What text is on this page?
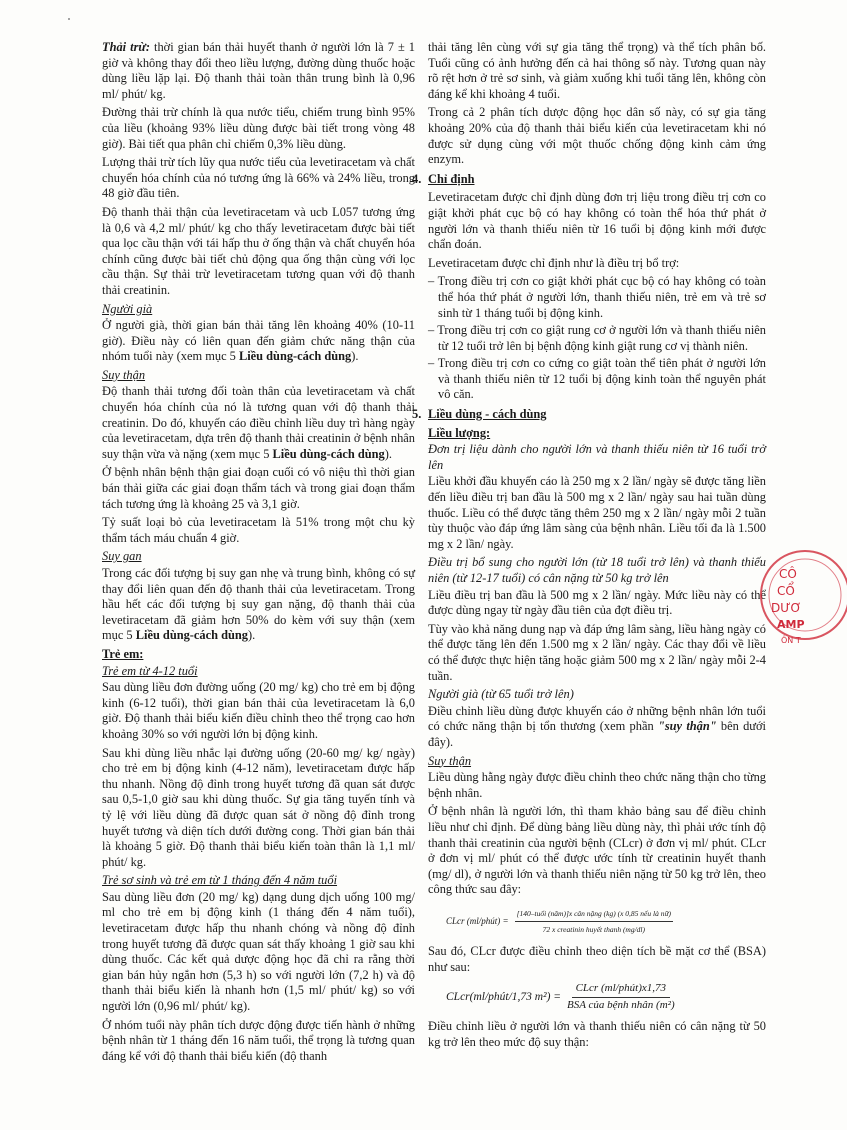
Thải trừ: thời gian bán thải huyết thanh ở người lớn là 7 ± 1 giờ và không thay đổi theo liều lượng, đường dùng thuốc hoặc dùng liều lặp lại. Độ thanh thải toàn thân trung bình là 0,96 ml/ phút/ kg.

Đường thải trừ chính là qua nước tiểu, chiếm trung bình 95% của liều (khoảng 93% liều dùng được bài tiết trong vòng 48 giờ). Bài tiết qua phân chỉ chiếm 0,3% liều dùng.

Lượng thải trừ tích lũy qua nước tiểu của levetiracetam và chất chuyển hóa chính của nó tương ứng là 66% và 24% liều, trong 48 giờ đầu tiên.

Độ thanh thải thận của levetiracetam và ucb L057 tương ứng là 0,6 và 4,2 ml/ phút/ kg cho thấy levetiracetam được bài tiết qua lọc cầu thận với tái hấp thu ở ống thận và chất chuyển hóa chính cũng được bài tiết chủ động qua ống thận cùng với lọc cầu thận. Sự thải trừ levetiracetam tương quan với độ thanh thải creatinin.

Người già

Ở người già, thời gian bán thải tăng lên khoảng 40% (10-11 giờ). Điều này có liên quan đến giảm chức năng thận của nhóm tuổi này (xem mục 5 Liều dùng-cách dùng).

Suy thận

Độ thanh thải tương đối toàn thân của levetiracetam và chất chuyển hóa chính của nó là tương quan với độ thanh thải creatinin. Do đó, khuyến cáo điều chỉnh liều duy trì hàng ngày của levetiracetam, dựa trên độ thanh thải creatinin ở bệnh nhân suy thận vừa và nặng (xem mục 5 Liều dùng-cách dùng).

Ở bệnh nhân bệnh thận giai đoạn cuối có vô niệu thì thời gian bán thải giữa các giai đoạn thẩm tách và trong giai đoạn thẩm tách tương ứng là khoảng 25 và 3,1 giờ.

Tỷ suất loại bỏ của levetiracetam là 51% trong một chu kỳ thẩm tách máu chuẩn 4 giờ.

Suy gan

Trong các đối tượng bị suy gan nhẹ và trung bình, không có sự thay đổi liên quan đến độ thanh thải của levetiracetam. Trong hầu hết các đối tượng bị suy gan nặng, độ thanh thải của levetiracetam đã giảm hơn 50% do kèm với suy thận (xem mục 5 Liều dùng-cách dùng).

Trẻ em:
Trẻ em từ 4-12 tuổi

Sau dùng liều đơn đường uống (20 mg/ kg) cho trẻ em bị động kinh (6-12 tuổi), thời gian bán thải của levetiracetam là 6,0 giờ. Độ thanh thải biểu kiến điều chỉnh theo thể trọng cao hơn khoảng 30% so với người lớn bị động kinh.

Sau khi dùng liều nhắc lại đường uống (20-60 mg/ kg/ ngày) cho trẻ em bị động kinh (4-12 năm), levetiracetam được hấp thu nhanh. Nồng độ đỉnh trong huyết tương đã quan sát được sau 0,5-1,0 giờ sau khi dùng thuốc. Sự gia tăng tuyến tính và tỷ lệ với liều dùng đã được quan sát ở nồng độ đỉnh trong huyết tương và diện tích dưới đường cong. Thời gian bán thải là khoảng 5 giờ. Độ thanh thải biểu kiến toàn thân là 1,1 ml/ phút/ kg.

Trẻ sơ sinh và trẻ em từ 1 tháng đến 4 năm tuổi

Sau dùng liều đơn (20 mg/ kg) dạng dung dịch uống 100 mg/ ml cho trẻ em bị động kinh (1 tháng đến 4 năm tuổi), levetiracetam được hấp thu nhanh chóng và nồng độ đỉnh trong huyết tương đã được quan sát thấy khoảng 1 giờ sau khi dùng thuốc. Các kết quả dược động học đã chỉ ra rằng thời gian bán hủy ngắn hơn (5,3 h) so với người lớn (7,2 h) và độ thanh thải biểu kiến là nhanh hơn (1,5 ml/ phút/ kg) so với người lớn (0,96 ml/ phút/ kg).

Ở nhóm tuổi này phân tích dược động được tiến hành ở những bệnh nhân từ 1 tháng đến 16 năm tuổi, thể trọng là tương quan đáng kể với độ thanh thải biểu kiến (độ thanh

thải tăng lên cùng với sự gia tăng thể trọng) và thể tích phân bố. Tuổi cũng có ảnh hưởng đến cả hai thông số này. Tương quan này rõ rệt hơn ở trẻ sơ sinh, và giảm xuống khi tuổi tăng lên, không còn đáng kể khi khoảng 4 tuổi.

Trong cả 2 phân tích dược động học dân số này, có sự gia tăng khoảng 20% của độ thanh thải biểu kiến của levetiracetam khi nó được sử dụng cùng với một thuốc chống động kinh cảm ứng enzym.

4. Chỉ định

Levetiracetam được chỉ định dùng đơn trị liệu trong điều trị cơn co giật khởi phát cục bộ có hay không có toàn thể hóa thứ phát ở người lớn và thanh thiếu niên từ 16 tuổi bị động kinh mới được chẩn đoán.

Levetiracetam được chỉ định như là điều trị bổ trợ:

– Trong điều trị cơn co giật khởi phát cục bộ có hay không có toàn thể hóa thứ phát ở người lớn, thanh thiếu niên, trẻ em và trẻ sơ sinh từ 1 tháng tuổi bị động kinh.

– Trong điều trị cơn co giật rung cơ ở người lớn và thanh thiếu niên từ 12 tuổi trở lên bị bệnh động kinh giật rung cơ vị thành niên.

– Trong điều trị cơn co cứng co giật toàn thể tiên phát ở người lớn và thanh thiếu niên từ 12 tuổi bị động kinh toàn thể nguyên phát vô căn.

5. Liều dùng - cách dùng
Liều lượng:
Đơn trị liệu dành cho người lớn và thanh thiếu niên từ 16 tuổi trở lên

Liều khởi đầu khuyến cáo là 250 mg x 2 lần/ ngày sẽ được tăng liền đến liều điều trị ban đầu là 500 mg x 2 lần/ ngày sau hai tuần dùng thuốc. Liều có thể được tăng thêm 250 mg x 2 lần/ ngày mỗi 2 tuần tùy thuộc vào đáp ứng lâm sàng của bệnh nhân. Liều tối đa là 1.500 mg x 2 lần/ ngày.

Điều trị bổ sung cho người lớn (từ 18 tuổi trở lên) và thanh thiếu niên (từ 12-17 tuổi) có cân nặng từ 50 kg trở lên

Liều điều trị ban đầu là 500 mg x 2 lần/ ngày. Mức liều này có thể được dùng ngay từ ngày đầu tiên của đợt điều trị.

Tùy vào khả năng dung nạp và đáp ứng lâm sàng, liều hàng ngày có thể được tăng lên đến 1.500 mg x 2 lần/ ngày. Các thay đổi về liều có thể được thực hiện tăng hoặc giảm 500 mg x 2 lần/ ngày mỗi 2-4 tuần.

Người già (từ 65 tuổi trở lên)

Điều chỉnh liều dùng được khuyến cáo ở những bệnh nhân lớn tuổi có chức năng thận bị tổn thương (xem phần "suy thận" bên dưới đây).

Suy thận

Liều dùng hằng ngày được điều chỉnh theo chức năng thận cho từng bệnh nhân.

Ở bệnh nhân là người lớn, thì tham khảo bảng sau để điều chỉnh liều như chỉ định. Để dùng bảng liều dùng này, thì phải ước tính độ thanh thải creatinin của người bệnh (CLcr) ở đơn vị ml/ phút. CLcr ở đơn vị ml/ phút có thể được ước tính từ creatinin huyết thanh (mg/ dl), ở người lớn và thanh thiếu niên nặng từ 50 kg trở lên, theo công thức sau đây:

CLcr (ml/phút) = $\frac{\text{[140–tuổi (năm)]x cân nặng (kg) (x 0,85 nếu là nữ)}}{\text{72 x creatinin huyết thanh (mg/dl)}}$

Sau đó, CLcr được điều chỉnh theo diện tích bề mặt cơ thể (BSA) như sau:

CLcr(ml/phút/1,73 m²) =
CLcr (ml/phút)x1,73
BSA của bệnh nhân (m²)

Điều chỉnh liều ở người lớn và thanh thiếu niên có cân nặng từ 50 kg trở lên theo mức độ suy thận:

CÔ
CỔ
DƯƠ
AMP
ÔN T
